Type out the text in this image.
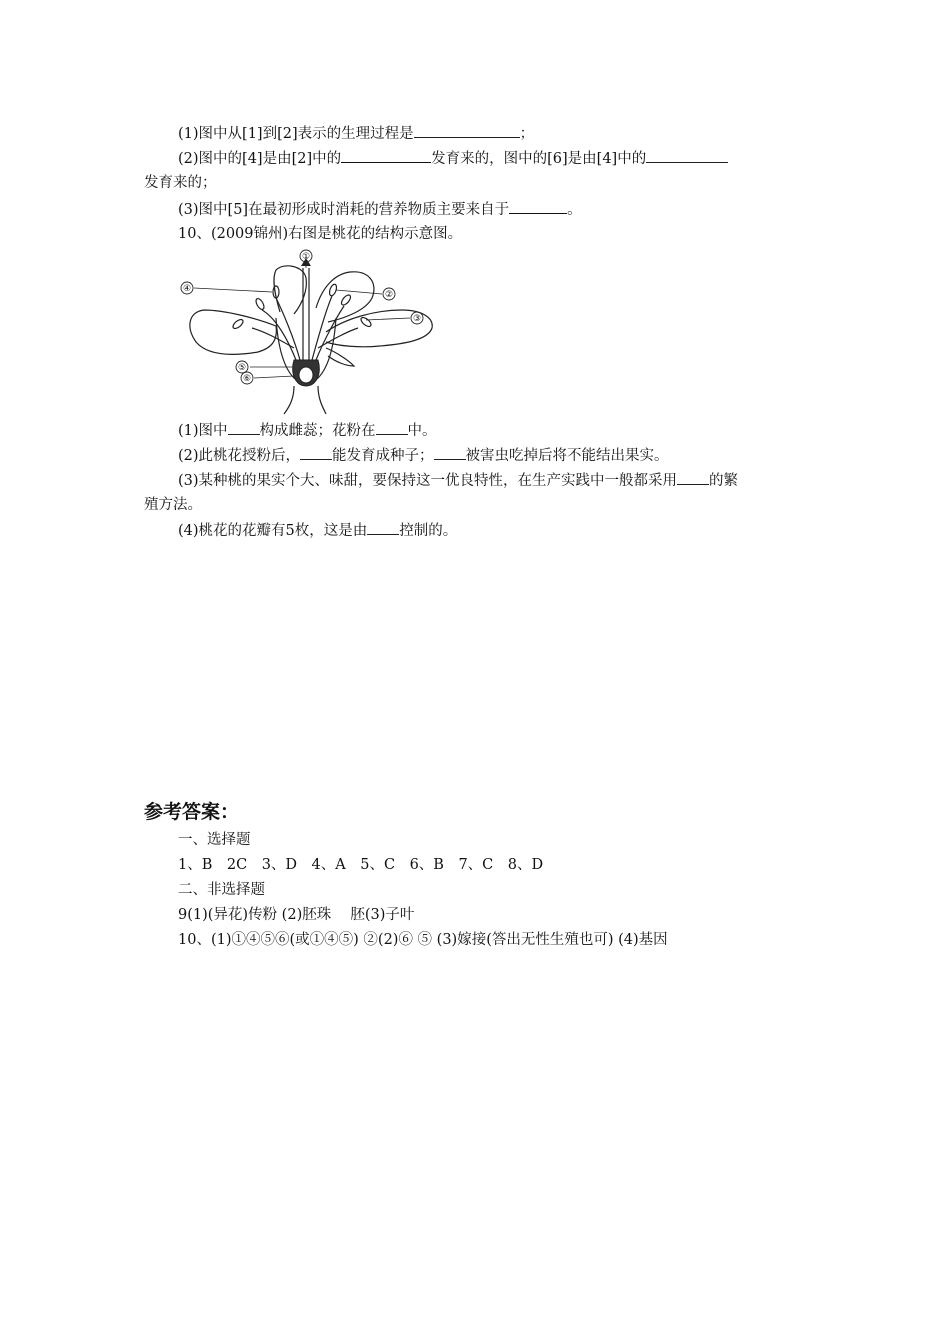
(1)图中从[1]到[2]表示的生理过程是	；
(2)图中的[4]是由[2]中的	发育来的，图中的[6]是由[4]中的
发育来的；
(3)图中[5]在最初形成时消耗的营养物质主要来自于	。
10、(2009锦州)右图是桃花的结构示意图。
①
②
③
④
⑤
⑥
(1)图中 构成雌蕊；花粉在 中。
(2)此桃花授粉后， 能发育成种子； 被害虫吃掉后将不能结出果实。
(3)某种桃的果实个大、味甜，要保持这一优良特性，在生产实践中一般都采用 的繁
殖方法。
(4)桃花的花瓣有5枚，这是由 控制的。
参考答案：
一、选择题
1、B　2C　3、D　4、A　5、C　6、B　7、C　8、D
二、非选择题
9(1)(异花)传粉 (2)胚珠　 胚(3)子叶
10、(1)①④⑤⑥(或①④⑤) ②(2)⑥ ⑤ (3)嫁接(答出无性生殖也可) (4)基因
